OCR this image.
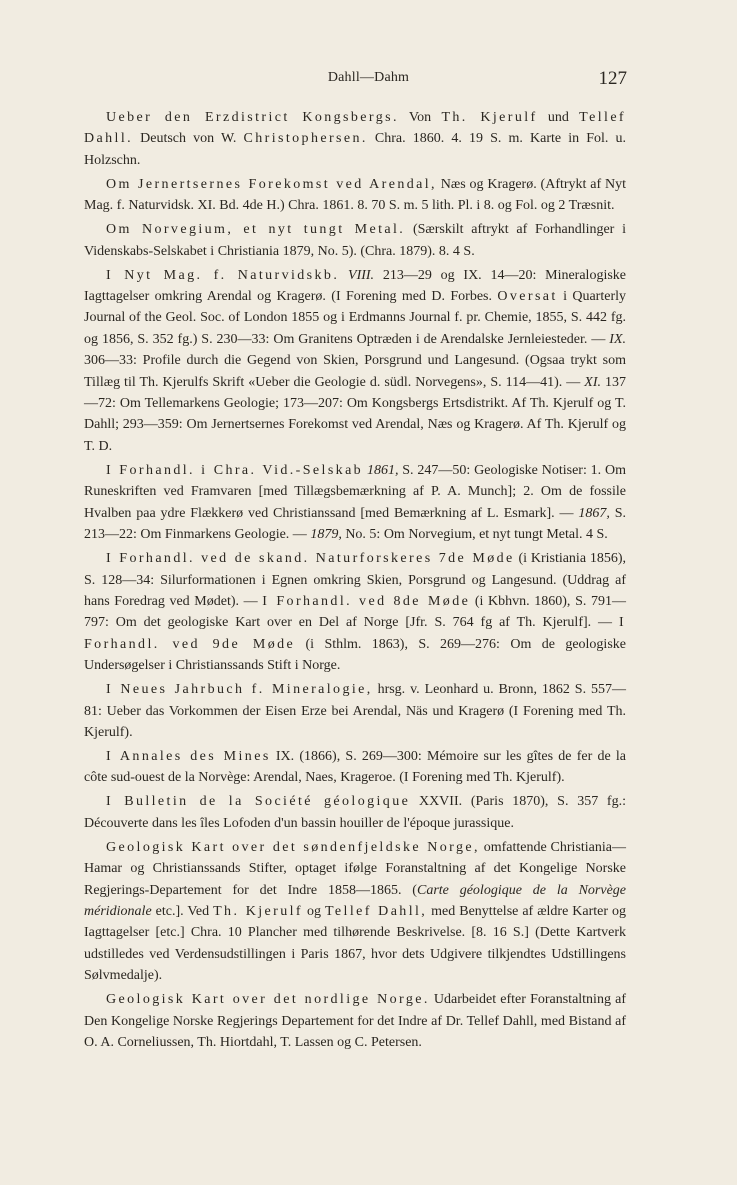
Dahll—Dahm	127

Ueber den Erzdistrict Kongsbergs. Von Th. Kjerulf und Tellef Dahll. Deutsch von W. Christophersen. Chra. 1860. 4. 19 S. m. Karte in Fol. u. Holzschn.

Om Jernertsernes Forekomst ved Arendal, Næs og Kragerø. (Aftrykt af Nyt Mag. f. Naturvidsk. XI. Bd. 4de H.) Chra. 1861. 8. 70 S. m. 5 lith. Pl. i 8. og Fol. og 2 Træsnit.

Om Norvegium, et nyt tungt Metal. (Særskilt aftrykt af Forhandlinger i Videnskabs-Selskabet i Christiania 1879, No. 5). (Chra. 1879). 8. 4 S.

I Nyt Mag. f. Naturvidskb. VIII. 213—29 og IX. 14—20: Mineralogiske Iagttagelser omkring Arendal og Kragerø. (I Forening med D. Forbes. Oversat i Quarterly Journal of the Geol. Soc. of London 1855 og i Erdmanns Journal f. pr. Chemie, 1855, S. 442 fg. og 1856, S. 352 fg.) S. 230—33: Om Granitens Optræden i de Arendalske Jernleiesteder. — IX. 306—33: Profile durch die Gegend von Skien, Porsgrund und Langesund. (Ogsaa trykt som Tillæg til Th. Kjerulfs Skrift «Ueber die Geologie d. südl. Norvegens», S. 114—41). — XI. 137—72: Om Tellemarkens Geologie; 173—207: Om Kongsbergs Ertsdistrikt. Af Th. Kjerulf og T. Dahll; 293—359: Om Jernertsernes Forekomst ved Arendal, Næs og Kragerø. Af Th. Kjerulf og T. D.

I Forhandl. i Chra. Vid.-Selskab 1861, S. 247—50: Geologiske Notiser: 1. Om Runeskriften ved Framvaren [med Tillægsbemærkning af P. A. Munch]; 2. Om de fossile Hvalben paa ydre Flækkerø ved Christianssand [med Bemærkning af L. Esmark]. — 1867, S. 213—22: Om Finmarkens Geologie. — 1879, No. 5: Om Norvegium, et nyt tungt Metal. 4 S.

I Forhandl. ved de skand. Naturforskeres 7de Møde (i Kristiania 1856), S. 128—34: Silurformationen i Egnen omkring Skien, Porsgrund og Langesund. (Uddrag af hans Foredrag ved Mødet). — I Forhandl. ved 8de Møde (i Kbhvn. 1860), S. 791—797: Om det geologiske Kart over en Del af Norge [Jfr. S. 764 fg af Th. Kjerulf]. — I Forhandl. ved 9de Møde (i Sthlm. 1863), S. 269—276: Om de geologiske Undersøgelser i Christianssands Stift i Norge.

I Neues Jahrbuch f. Mineralogie, hrsg. v. Leonhard u. Bronn, 1862 S. 557—81: Ueber das Vorkommen der Eisen Erze bei Arendal, Näs und Kragerø (I Forening med Th. Kjerulf).

I Annales des Mines IX. (1866), S. 269—300: Mémoire sur les gîtes de fer de la côte sud-ouest de la Norvège: Arendal, Naes, Krageroe. (I Forening med Th. Kjerulf).

I Bulletin de la Société géologique XXVII. (Paris 1870), S. 357 fg.: Découverte dans les îles Lofoden d'un bassin houiller de l'époque jurassique.

Geologisk Kart over det søndenfjeldske Norge, omfattende Christiania—Hamar og Christianssands Stifter, optaget ifølge Foranstaltning af det Kongelige Norske Regjerings-Departement for det Indre 1858—1865. (Carte géologique de la Norvège méridionale etc.]. Ved Th. Kjerulf og Tellef Dahll, med Benyttelse af ældre Karter og Iagttagelser [etc.] Chra. 10 Plancher med tilhørende Beskrivelse. [8. 16 S.] (Dette Kartverk udstilledes ved Verdensudstillingen i Paris 1867, hvor dets Udgivere tilkjendtes Udstillingens Sølvmedalje).

Geologisk Kart over det nordlige Norge. Udarbeidet efter Foranstaltning af Den Kongelige Norske Regjerings Departement for det Indre af Dr. Tellef Dahll, med Bistand af O. A. Corneliussen, Th. Hiortdahl, T. Lassen og C. Petersen.
